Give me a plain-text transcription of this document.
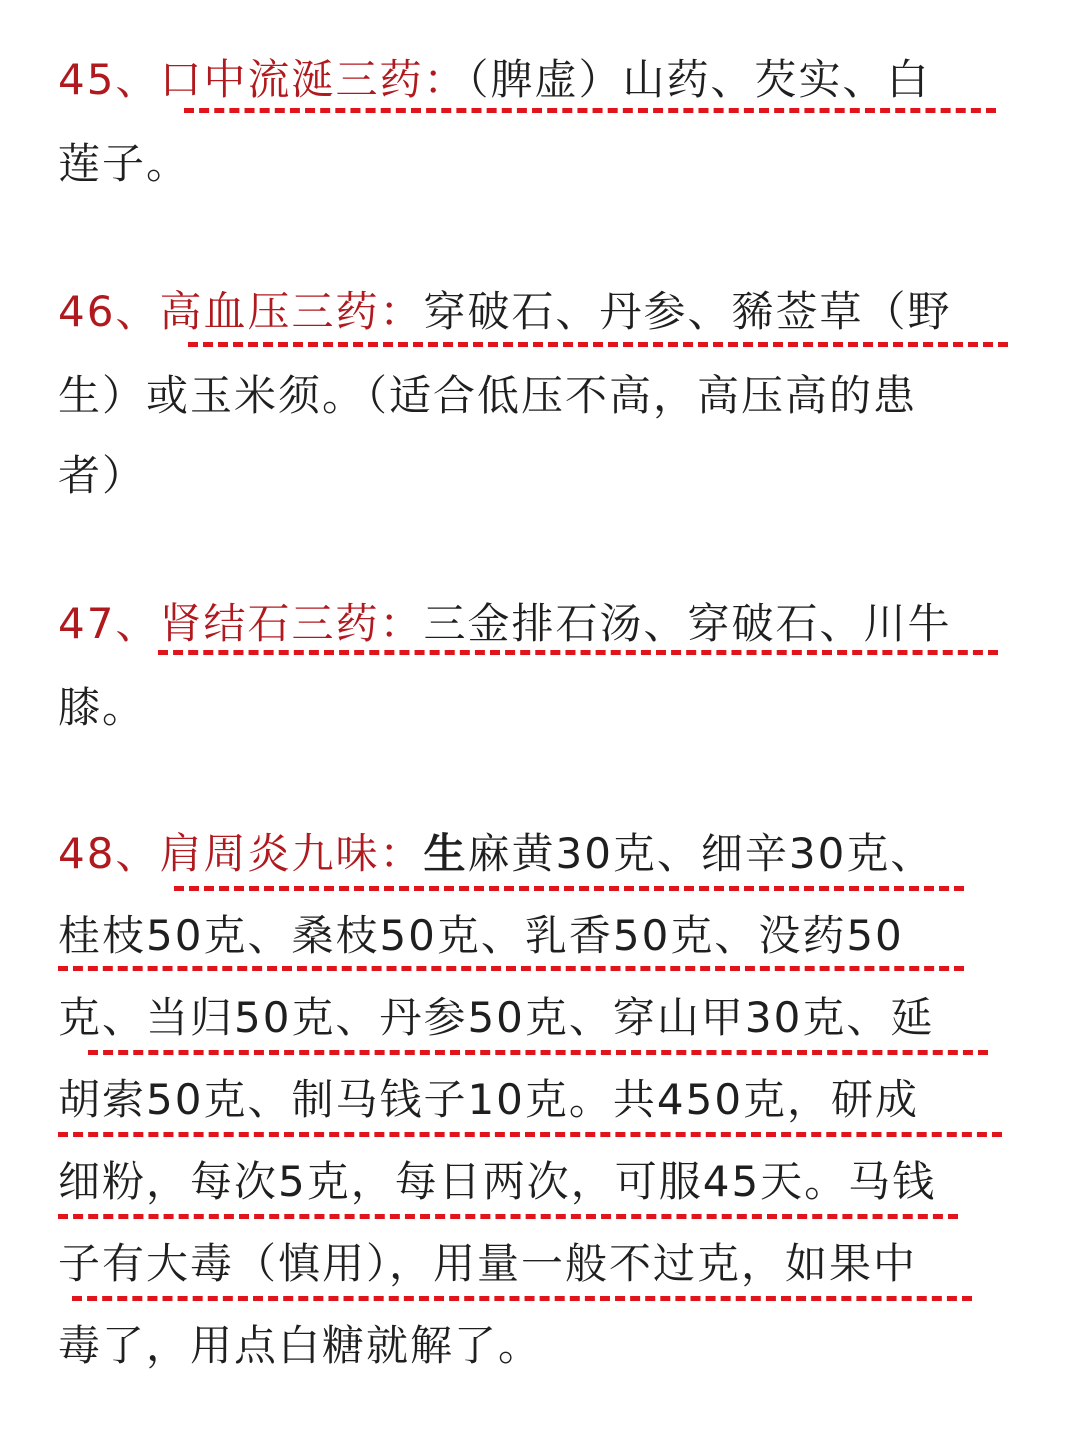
45、口中流涎三药：（脾虚）山药、芡实、白
莲子。
46、高血压三药：穿破石、丹参、豨莶草（野
生）或玉米须。（适合低压不高，高压高的患
者）
47、肾结石三药：三金排石汤、穿破石、川牛
膝。
48、肩周炎九味：生麻黄30克、细辛30克、
桂枝50克、桑枝50克、乳香50克、没药50
克、当归50克、丹参50克、穿山甲30克、延
胡索50克、制马钱子10克。共450克，研成
细粉，每次5克，每日两次，可服45天。马钱
子有大毒（慎用），用量一般不过克，如果中
毒了，用点白糖就解了。
